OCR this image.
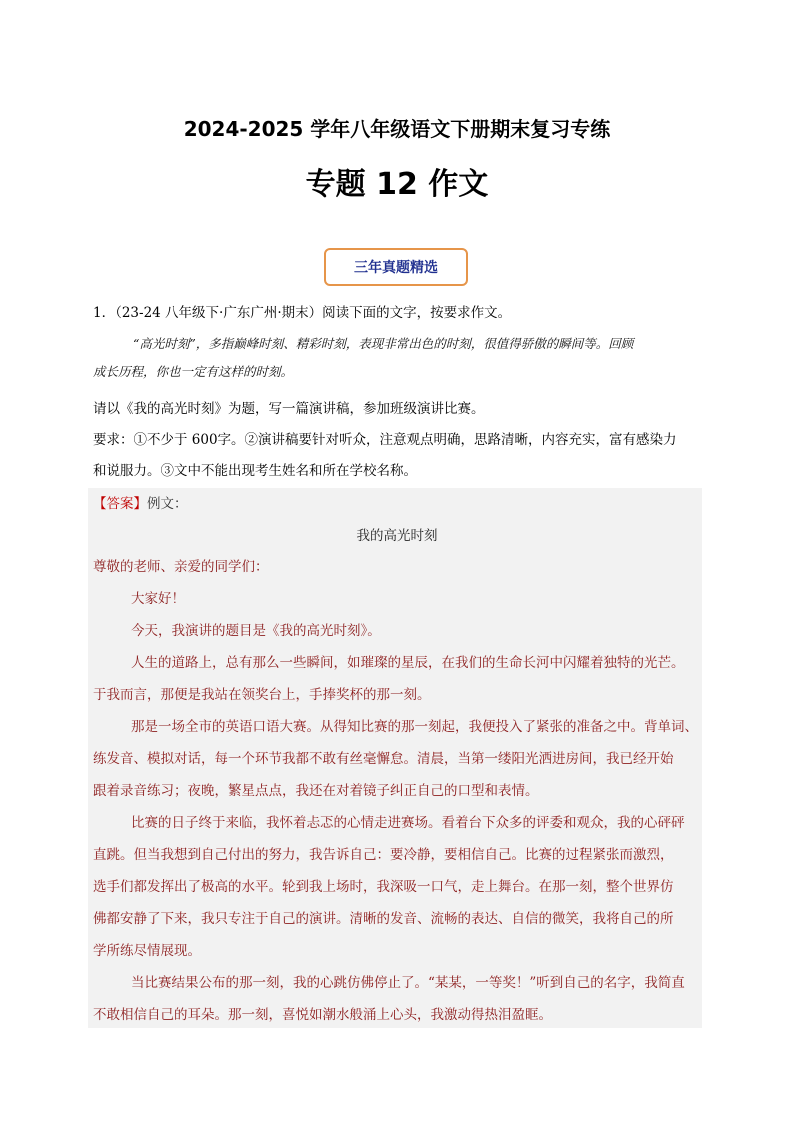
2024-2025 学年八年级语文下册期末复习专练
专题 12 作文
三年真题精选
1．（23-24 八年级下·广东广州·期末）阅读下面的文字，按要求作文。
“高光时刻”，多指巅峰时刻、精彩时刻，表现非常出色的时刻，很值得骄傲的瞬间等。回顾
成长历程，你也一定有这样的时刻。
请以《我的高光时刻》为题，写一篇演讲稿，参加班级演讲比赛。
要求：①不少于 600字。②演讲稿要针对听众，注意观点明确，思路清晰，内容充实，富有感染力
和说服力。③文中不能出现考生姓名和所在学校名称。
【答案】例文：
我的高光时刻
尊敬的老师、亲爱的同学们：
大家好！
今天，我演讲的题目是《我的高光时刻》。
人生的道路上，总有那么一些瞬间，如璀璨的星辰，在我们的生命长河中闪耀着独特的光芒。
于我而言，那便是我站在领奖台上，手捧奖杯的那一刻。
那是一场全市的英语口语大赛。从得知比赛的那一刻起，我便投入了紧张的准备之中。背单词、
练发音、模拟对话，每一个环节我都不敢有丝毫懈怠。清晨，当第一缕阳光洒进房间，我已经开始
跟着录音练习；夜晚，繁星点点，我还在对着镜子纠正自己的口型和表情。
比赛的日子终于来临，我怀着忐忑的心情走进赛场。看着台下众多的评委和观众，我的心砰砰
直跳。但当我想到自己付出的努力，我告诉自己：要冷静，要相信自己。比赛的过程紧张而激烈，
选手们都发挥出了极高的水平。轮到我上场时，我深吸一口气，走上舞台。在那一刻，整个世界仿
佛都安静了下来，我只专注于自己的演讲。清晰的发音、流畅的表达、自信的微笑，我将自己的所
学所练尽情展现。
当比赛结果公布的那一刻，我的心跳仿佛停止了。“某某，一等奖！”听到自己的名字，我简直
不敢相信自己的耳朵。那一刻，喜悦如潮水般涌上心头，我激动得热泪盈眶。
